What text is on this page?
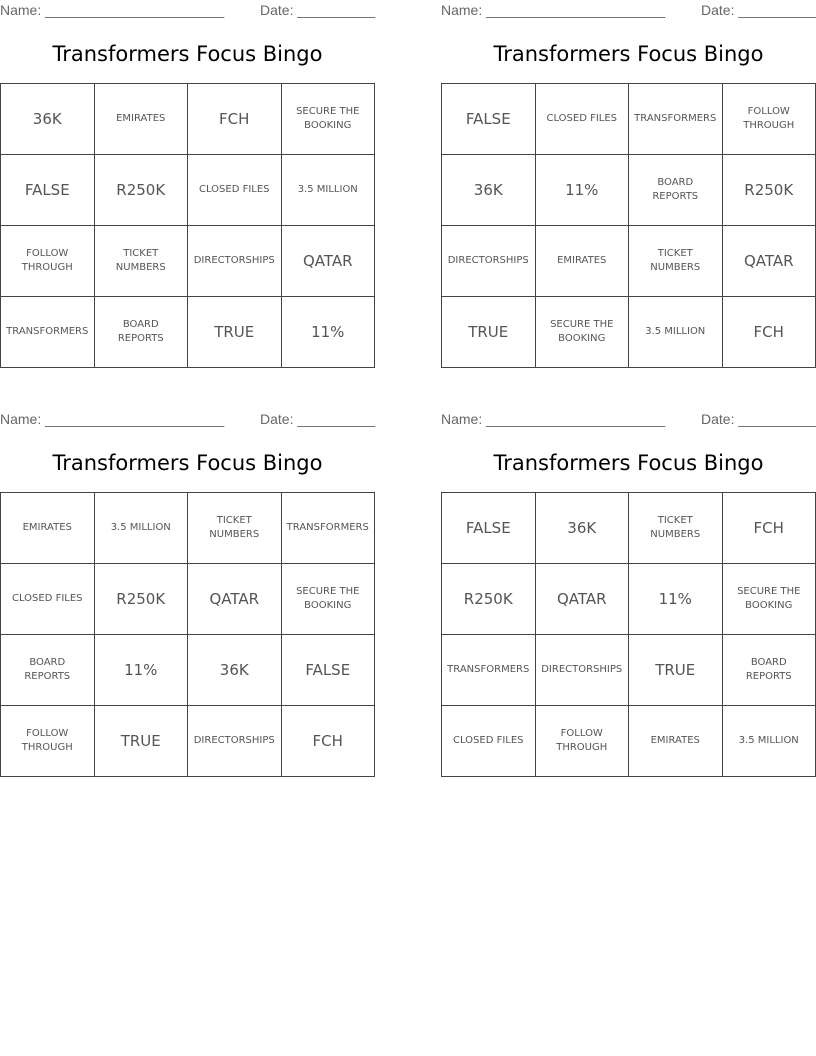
Name: _______________________	Date: __________
Transformers Focus Bingo
36K	EMIRATES	FCH	SECURE THE BOOKING
FALSE	R250K	CLOSED FILES	3.5 MILLION
FOLLOW THROUGH	TICKET NUMBERS	DIRECTORSHIPS	QATAR
TRANSFORMERS	BOARD REPORTS	TRUE	11%
Name: _______________________	Date: __________
Transformers Focus Bingo
FALSE	CLOSED FILES	TRANSFORMERS	FOLLOW THROUGH
36K	11%	BOARD REPORTS	R250K
DIRECTORSHIPS	EMIRATES	TICKET NUMBERS	QATAR
TRUE	SECURE THE BOOKING	3.5 MILLION	FCH
Name: _______________________	Date: __________
Transformers Focus Bingo
EMIRATES	3.5 MILLION	TICKET NUMBERS	TRANSFORMERS
CLOSED FILES	R250K	QATAR	SECURE THE BOOKING
BOARD REPORTS	11%	36K	FALSE
FOLLOW THROUGH	TRUE	DIRECTORSHIPS	FCH
Name: _______________________	Date: __________
Transformers Focus Bingo
FALSE	36K	TICKET NUMBERS	FCH
R250K	QATAR	11%	SECURE THE BOOKING
TRANSFORMERS	DIRECTORSHIPS	TRUE	BOARD REPORTS
CLOSED FILES	FOLLOW THROUGH	EMIRATES	3.5 MILLION
